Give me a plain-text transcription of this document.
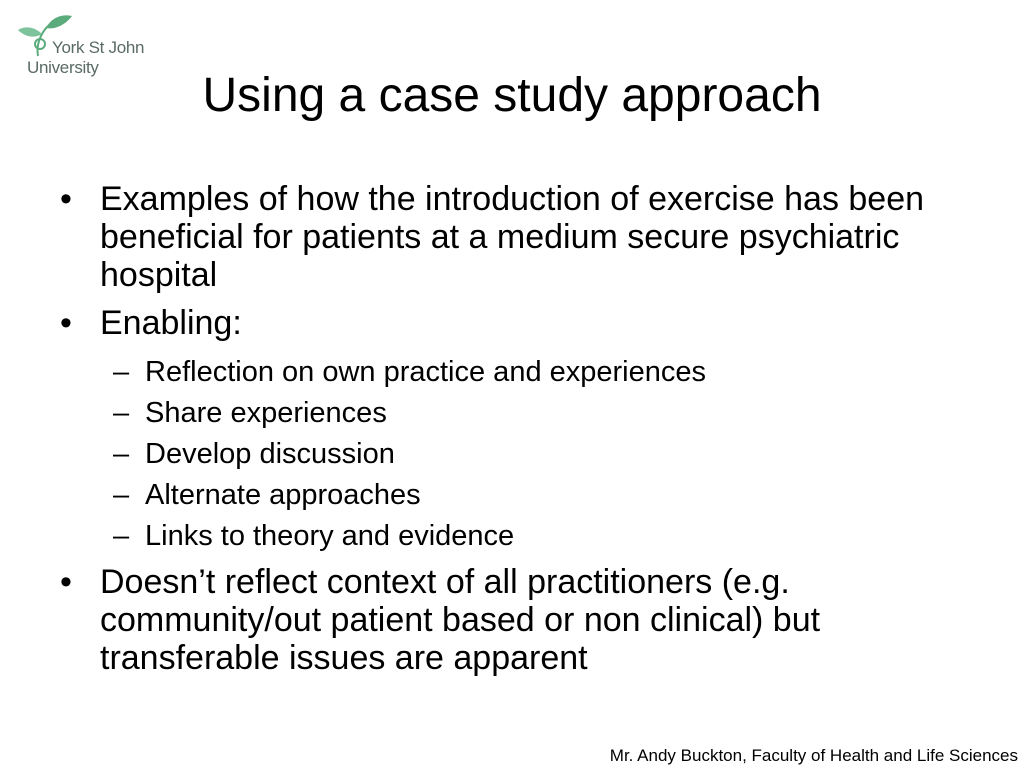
York St John
University
Using a case study approach
• Examples of how the introduction of exercise has been beneficial for patients at a medium secure psychiatric hospital
• Enabling:
– Reflection on own practice and experiences
– Share experiences
– Develop discussion
– Alternate approaches
– Links to theory and evidence
• Doesn’t reflect context of all practitioners (e.g. community/out patient based or non clinical) but transferable issues are apparent
Mr. Andy Buckton, Faculty of Health and Life Sciences
